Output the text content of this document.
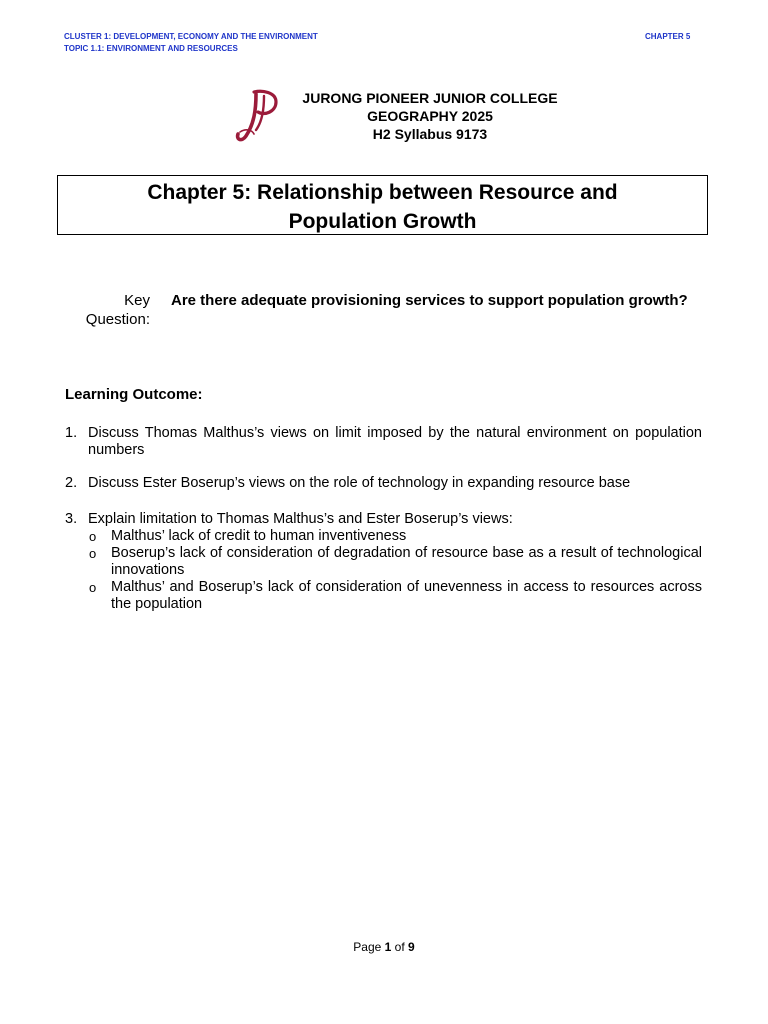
CLUSTER 1: DEVELOPMENT, ECONOMY AND THE ENVIRONMENT
TOPIC 1.1: ENVIRONMENT AND RESOURCES
CHAPTER 5
JURONG PIONEER JUNIOR COLLEGE
GEOGRAPHY 2025
H2 Syllabus 9173
Chapter 5: Relationship between Resource and
Population Growth
Key
Question:
Are there adequate provisioning services to support population growth?
Learning Outcome:
1. Discuss Thomas Malthus’s views on limit imposed by the natural environment on population numbers
2. Discuss Ester Boserup’s views on the role of technology in expanding resource base
3. Explain limitation to Thomas Malthus’s and Ester Boserup’s views:
o Malthus’ lack of credit to human inventiveness
o Boserup’s lack of consideration of degradation of resource base as a result of technological innovations
o Malthus’ and Boserup’s lack of consideration of unevenness in access to resources across the population
Page 1 of 9
